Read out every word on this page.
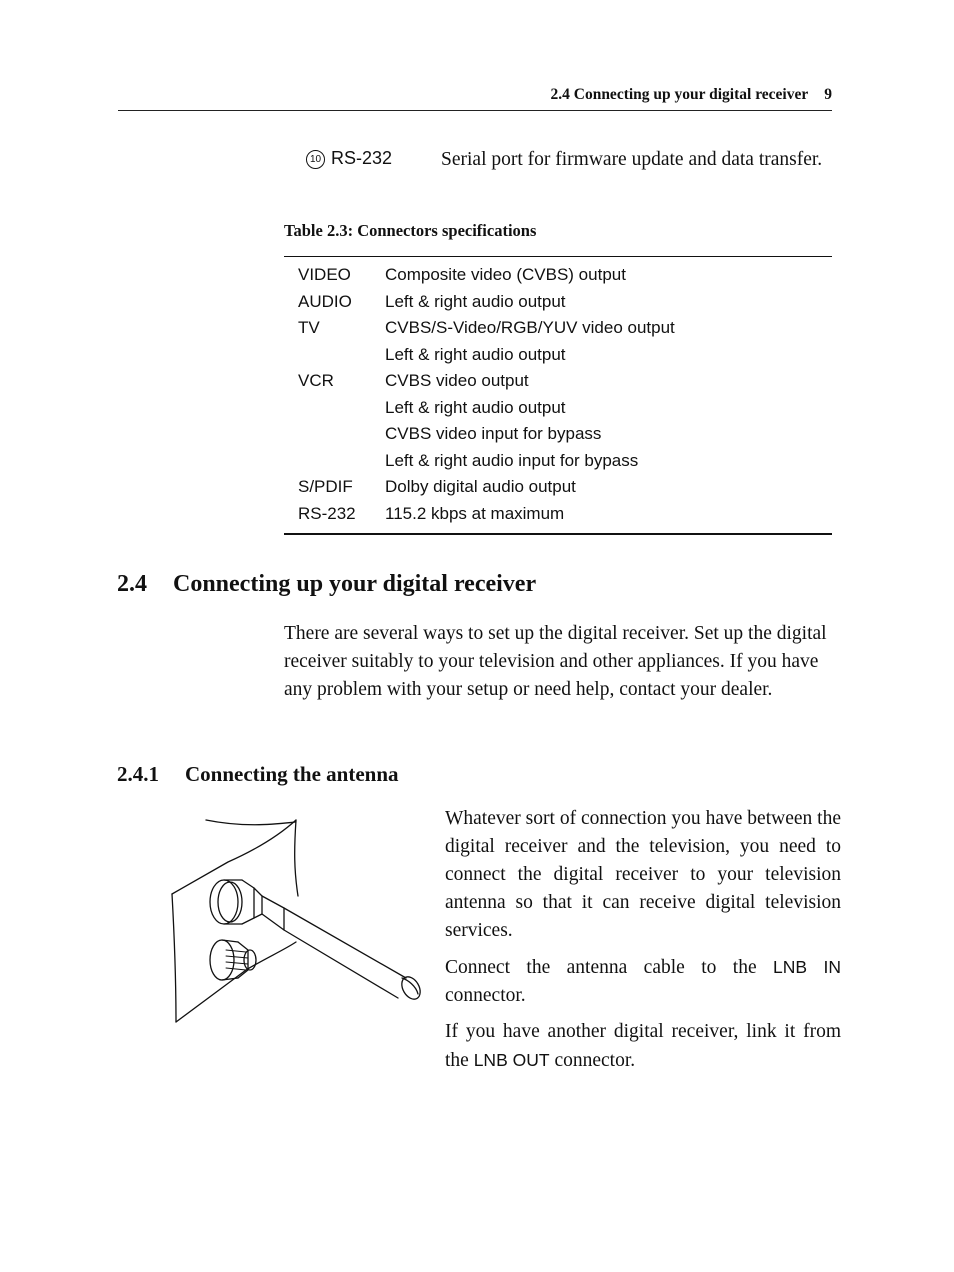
2.4 Connecting up your digital receiver 9
10 RS-232	Serial port for firmware update and data transfer.
Table 2.3: Connectors specifications
VIDEO	Composite video (CVBS) output
AUDIO	Left & right audio output
TV	CVBS/S-Video/RGB/YUV video output
	Left & right audio output
VCR	CVBS video output
	Left & right audio output
	CVBS video input for bypass
	Left & right audio input for bypass
S/PDIF	Dolby digital audio output
RS-232	115.2 kbps at maximum
2.4 Connecting up your digital receiver
There are several ways to set up the digital receiver. Set up the digital receiver suitably to your television and other appliances. If you have any problem with your setup or need help, contact your dealer.
2.4.1 Connecting the antenna

Whatever sort of connection you have between the digital receiver and the television, you need to connect the digital receiver to your television antenna so that it can receive digital television services.

Connect the antenna cable to the LNB IN connector.

If you have another digital receiver, link it from the LNB OUT connector.
